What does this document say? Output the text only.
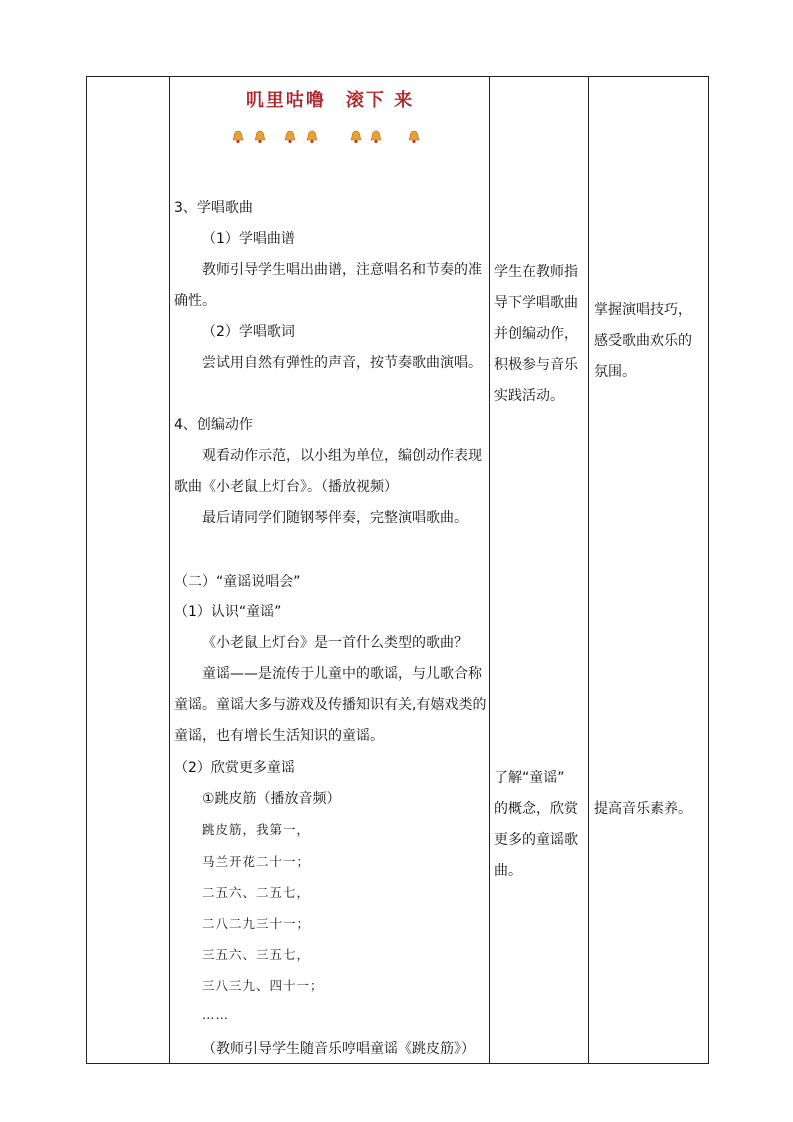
叽里咕噜　滚下 来
3、学唱歌曲
（1）学唱曲谱
教师引导学生唱出曲谱，注意唱名和节奏的准
确性。
（2）学唱歌词
尝试用自然有弹性的声音，按节奏歌曲演唱。
4、创编动作
观看动作示范，以小组为单位，编创动作表现
歌曲《小老鼠上灯台》。（播放视频）
最后请同学们随钢琴伴奏，完整演唱歌曲。
（二）“童谣说唱会”
（1）认识“童谣”
《小老鼠上灯台》是一首什么类型的歌曲？
童谣——是流传于儿童中的歌谣，与儿歌合称
童谣。童谣大多与游戏及传播知识有关,有嬉戏类的
童谣，也有增长生活知识的童谣。
（2）欣赏更多童谣
①跳皮筋（播放音频）
跳皮筋，我第一，
马兰开花二十一；
二五六、二五七，
二八二九三十一；
三五六、三五七，
三八三九、四十一；
……
（教师引导学生随音乐哼唱童谣《跳皮筋》）
学生在教师指
导下学唱歌曲
并创编动作，
积极参与音乐
实践活动。
了解“童谣”
的概念，欣赏
更多的童谣歌
曲。
掌握演唱技巧，
感受歌曲欢乐的
氛围。
提高音乐素养。
